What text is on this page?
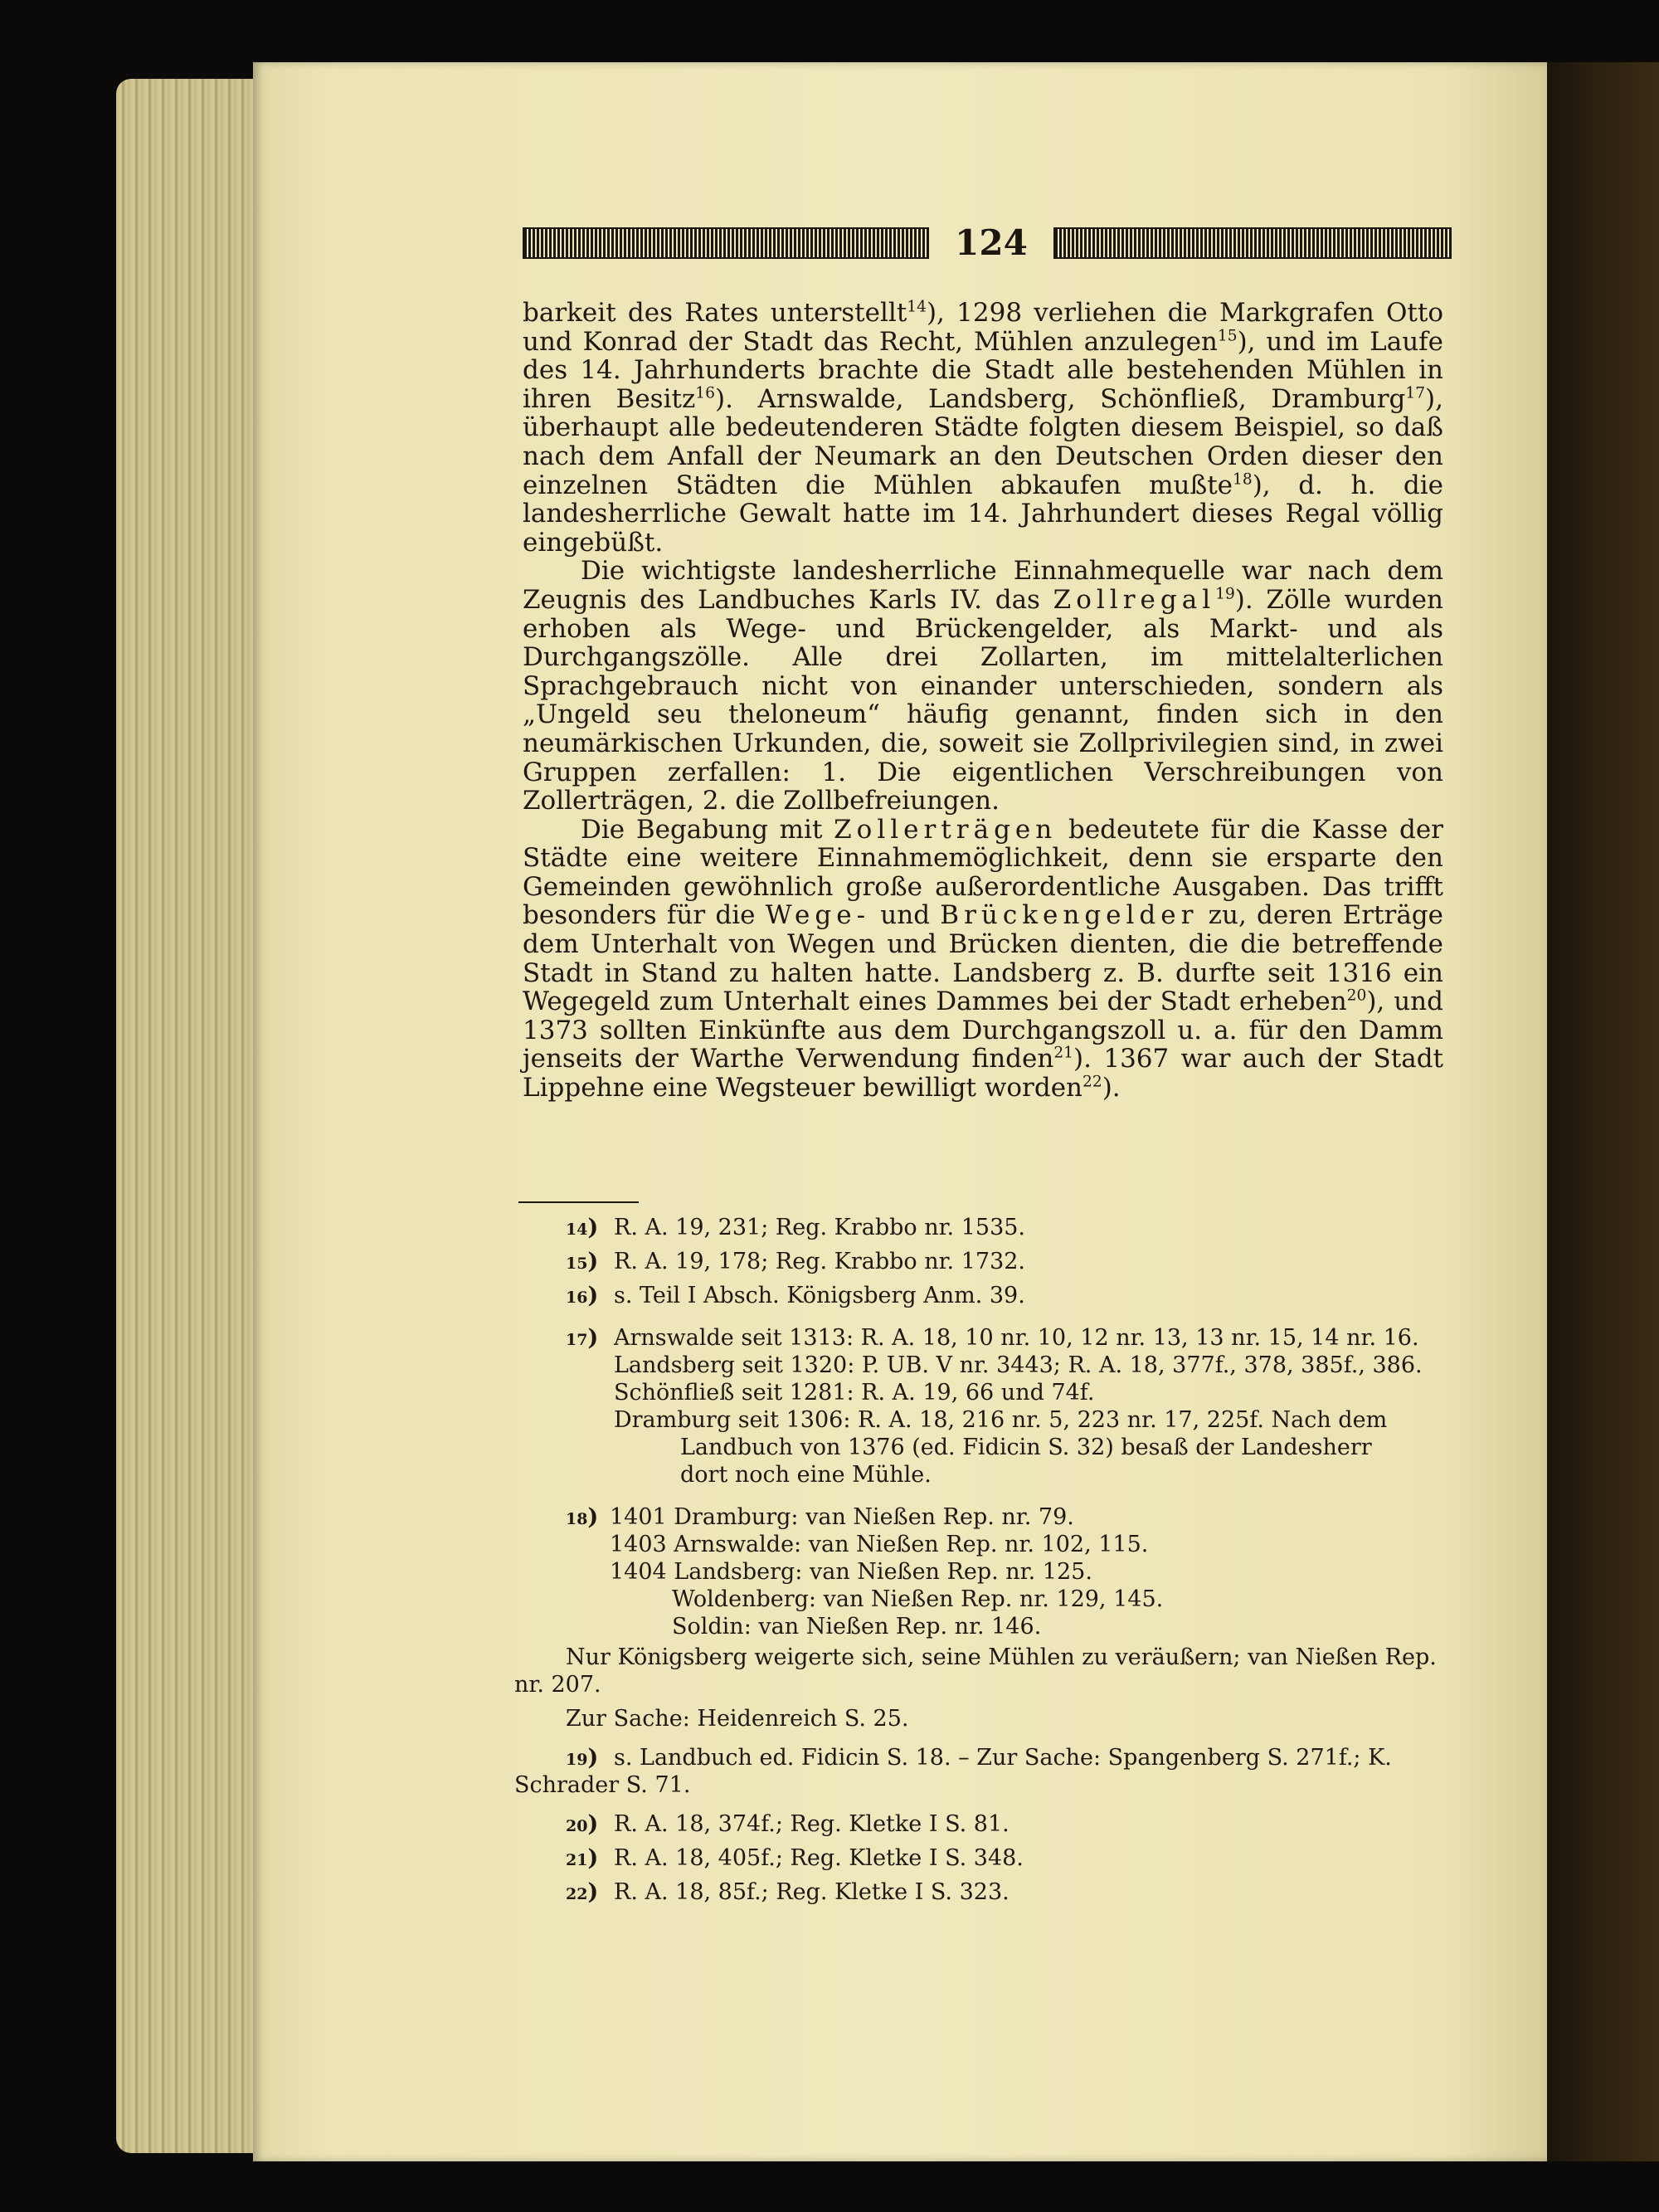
124

barkeit des Rates unterstellt$^{14}$), 1298 verliehen die Markgrafen Otto und Konrad der Stadt das Recht, Mühlen anzulegen$^{15}$), und im Laufe des 14. Jahrhunderts brachte die Stadt alle bestehenden Mühlen in ihren Besitz$^{16}$). Arnswalde, Landsberg, Schönfließ, Dramburg$^{17}$), überhaupt alle bedeutenderen Städte folgten diesem Beispiel, so daß nach dem Anfall der Neumark an den Deutschen Orden dieser den einzelnen Städten die Mühlen abkaufen mußte$^{18}$), d. h. die landesherrliche Gewalt hatte im 14. Jahrhundert dieses Regal völlig eingebüßt.

Die wichtigste landesherrliche Einnahmequelle war nach dem Zeugnis des Landbuches Karls IV. das Zollregal$^{19}$). Zölle wurden erhoben als Wege- und Brückengelder, als Markt- und als Durchgangszölle. Alle drei Zollarten, im mittelalterlichen Sprachgebrauch nicht von einander unterschieden, sondern als „Ungeld seu theloneum“ häufig genannt, finden sich in den neumärkischen Urkunden, die, soweit sie Zollprivilegien sind, in zwei Gruppen zerfallen: 1. Die eigentlichen Verschreibungen von Zollerträgen, 2. die Zollbefreiungen.

Die Begabung mit Zollerträgen bedeutete für die Kasse der Städte eine weitere Einnahmemöglichkeit, denn sie ersparte den Gemeinden gewöhnlich große außerordentliche Ausgaben. Das trifft besonders für die Wege- und Brückengelder zu, deren Erträge dem Unterhalt von Wegen und Brücken dienten, die die betreffende Stadt in Stand zu halten hatte. Landsberg z. B. durfte seit 1316 ein Wegegeld zum Unterhalt eines Dammes bei der Stadt erheben$^{20}$), und 1373 sollten Einkünfte aus dem Durchgangszoll u. a. für den Damm jenseits der Warthe Verwendung finden$^{21}$). 1367 war auch der Stadt Lippehne eine Wegsteuer bewilligt worden$^{22}$).

14) R. A. 19, 231; Reg. Krabbo nr. 1535.
15) R. A. 19, 178; Reg. Krabbo nr. 1732.
16) s. Teil I Absch. Königsberg Anm. 39.
17) Arnswalde seit 1313: R. A. 18, 10 nr. 10, 12 nr. 13, 13 nr. 15, 14 nr. 16.
Landsberg seit 1320: P. UB. V nr. 3443; R. A. 18, 377f., 378, 385f., 386.
Schönfließ seit 1281: R. A. 19, 66 und 74f.
Dramburg seit 1306: R. A. 18, 216 nr. 5, 223 nr. 17, 225f. Nach dem
Landbuch von 1376 (ed. Fidicin S. 32) besaß der Landesherr
dort noch eine Mühle.
18) 1401 Dramburg: van Nießen Rep. nr. 79.
1403 Arnswalde: van Nießen Rep. nr. 102, 115.
1404 Landsberg: van Nießen Rep. nr. 125.
Woldenberg: van Nießen Rep. nr. 129, 145.
Soldin: van Nießen Rep. nr. 146.

Nur Königsberg weigerte sich, seine Mühlen zu veräußern; van Nießen Rep. nr. 207.

Zur Sache: Heidenreich S. 25.

19) s. Landbuch ed. Fidicin S. 18. – Zur Sache: Spangenberg S. 271f.; K. Schrader S. 71.
20) R. A. 18, 374f.; Reg. Kletke I S. 81.
21) R. A. 18, 405f.; Reg. Kletke I S. 348.
22) R. A. 18, 85f.; Reg. Kletke I S. 323.
